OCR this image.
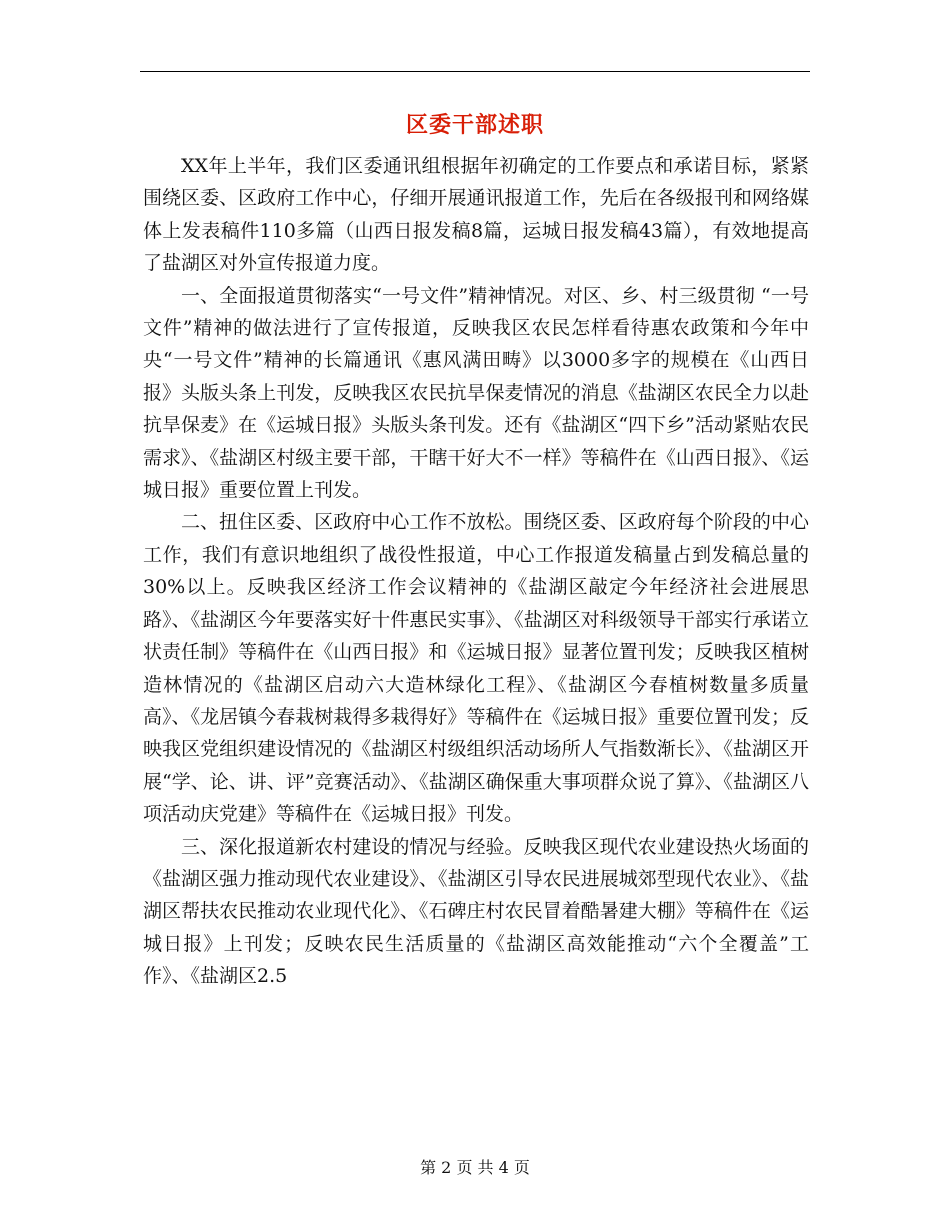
区委干部述职

XX年上半年，我们区委通讯组根据年初确定的工作要点和承诺目标，紧紧围绕区委、区政府工作中心，仔细开展通讯报道工作，先后在各级报刊和网络媒体上发表稿件110多篇（山西日报发稿8篇，运城日报发稿43篇），有效地提高了盐湖区对外宣传报道力度。

一、全面报道贯彻落实“一号文件”精神情况。对区、乡、村三级贯彻 “一号文件”精神的做法进行了宣传报道，反映我区农民怎样看待惠农政策和今年中央“一号文件”精神的长篇通讯《惠风满田畴》以3000多字的规模在《山西日报》头版头条上刊发，反映我区农民抗旱保麦情况的消息《盐湖区农民全力以赴抗旱保麦》在《运城日报》头版头条刊发。还有《盐湖区“四下乡”活动紧贴农民需求》、《盐湖区村级主要干部，干瞎干好大不一样》等稿件在《山西日报》、《运城日报》重要位置上刊发。

二、扭住区委、区政府中心工作不放松。围绕区委、区政府每个阶段的中心工作，我们有意识地组织了战役性报道，中心工作报道发稿量占到发稿总量的30%以上。反映我区经济工作会议精神的《盐湖区敲定今年经济社会进展思路》、《盐湖区今年要落实好十件惠民实事》、《盐湖区对科级领导干部实行承诺立状责任制》等稿件在《山西日报》和《运城日报》显著位置刊发；反映我区植树造林情况的《盐湖区启动六大造林绿化工程》、《盐湖区今春植树数量多质量高》、《龙居镇今春栽树栽得多栽得好》等稿件在《运城日报》重要位置刊发；反映我区党组织建设情况的《盐湖区村级组织活动场所人气指数渐长》、《盐湖区开展“学、论、讲、评”竞赛活动》、《盐湖区确保重大事项群众说了算》、《盐湖区八项活动庆党建》等稿件在《运城日报》刊发。

三、深化报道新农村建设的情况与经验。反映我区现代农业建设热火场面的《盐湖区强力推动现代农业建设》、《盐湖区引导农民进展城郊型现代农业》、《盐湖区帮扶农民推动农业现代化》、《石碑庄村农民冒着酷暑建大棚》等稿件在《运城日报》上刊发；反映农民生活质量的《盐湖区高效能推动“六个全覆盖”工作》、《盐湖区2.5

第 2 页 共 4 页
